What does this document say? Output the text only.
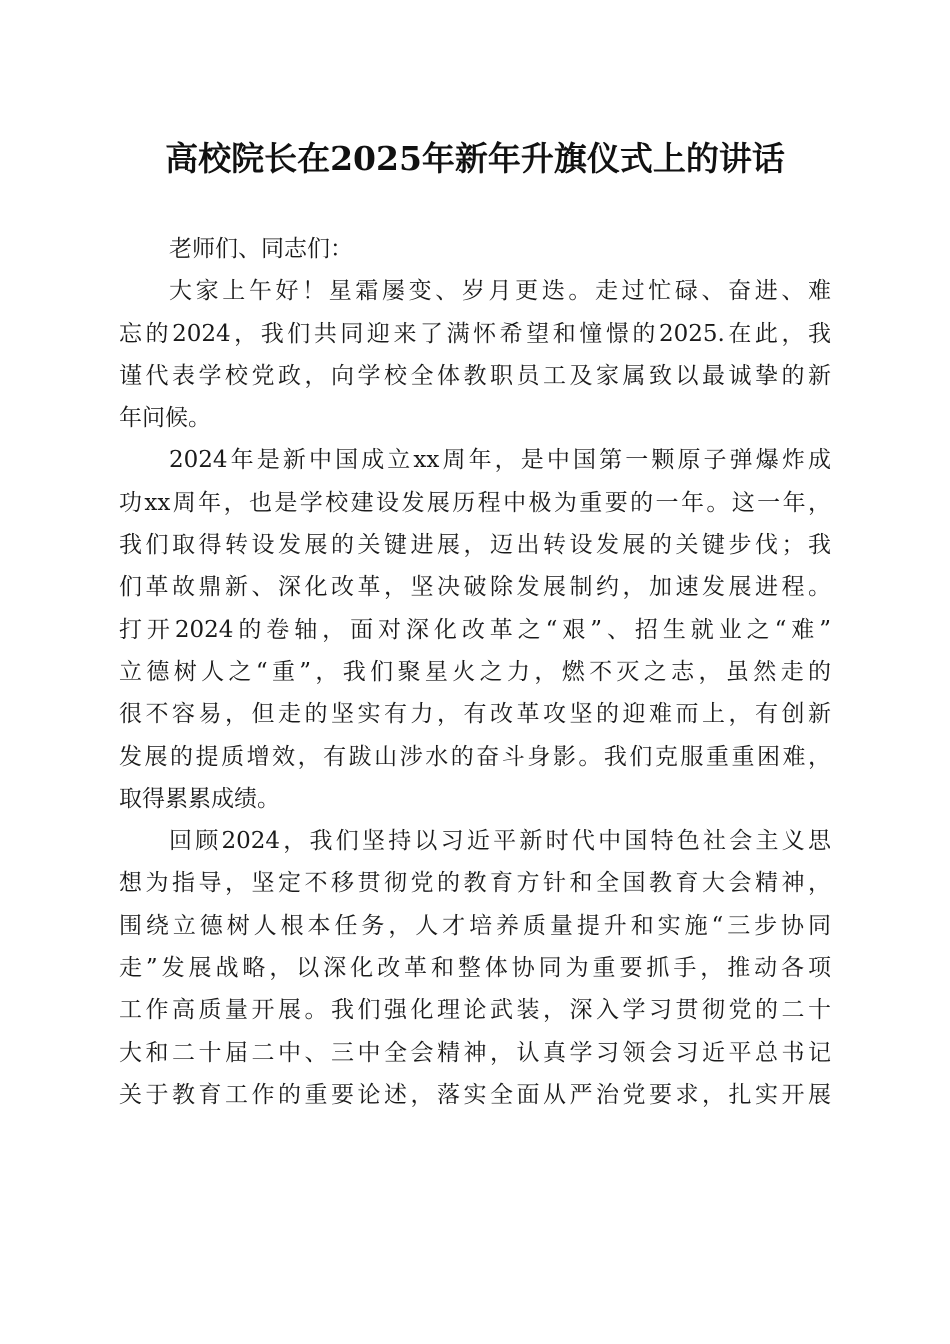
高校院长在2025年新年升旗仪式上的讲话
老师们、同志们：
大家上午好！星霜屡变、岁月更迭。走过忙碌、奋进、难
忘的2024，我们共同迎来了满怀希望和憧憬的2025.在此，我
谨代表学校党政，向学校全体教职员工及家属致以最诚挚的新
年问候。
2024年是新中国成立xx周年，是中国第一颗原子弹爆炸成
功xx周年，也是学校建设发展历程中极为重要的一年。这一年，
我们取得转设发展的关键进展，迈出转设发展的关键步伐；我
们革故鼎新、深化改革，坚决破除发展制约，加速发展进程。
打开2024的卷轴，面对深化改革之“艰”、招生就业之“难”
立德树人之“重”，我们聚星火之力，燃不灭之志，虽然走的
很不容易，但走的坚实有力，有改革攻坚的迎难而上，有创新
发展的提质增效，有跋山涉水的奋斗身影。我们克服重重困难，
取得累累成绩。
回顾2024，我们坚持以习近平新时代中国特色社会主义思
想为指导，坚定不移贯彻党的教育方针和全国教育大会精神，
围绕立德树人根本任务，人才培养质量提升和实施“三步协同
走”发展战略，以深化改革和整体协同为重要抓手，推动各项
工作高质量开展。我们强化理论武装，深入学习贯彻党的二十
大和二十届二中、三中全会精神，认真学习领会习近平总书记
关于教育工作的重要论述，落实全面从严治党要求，扎实开展
